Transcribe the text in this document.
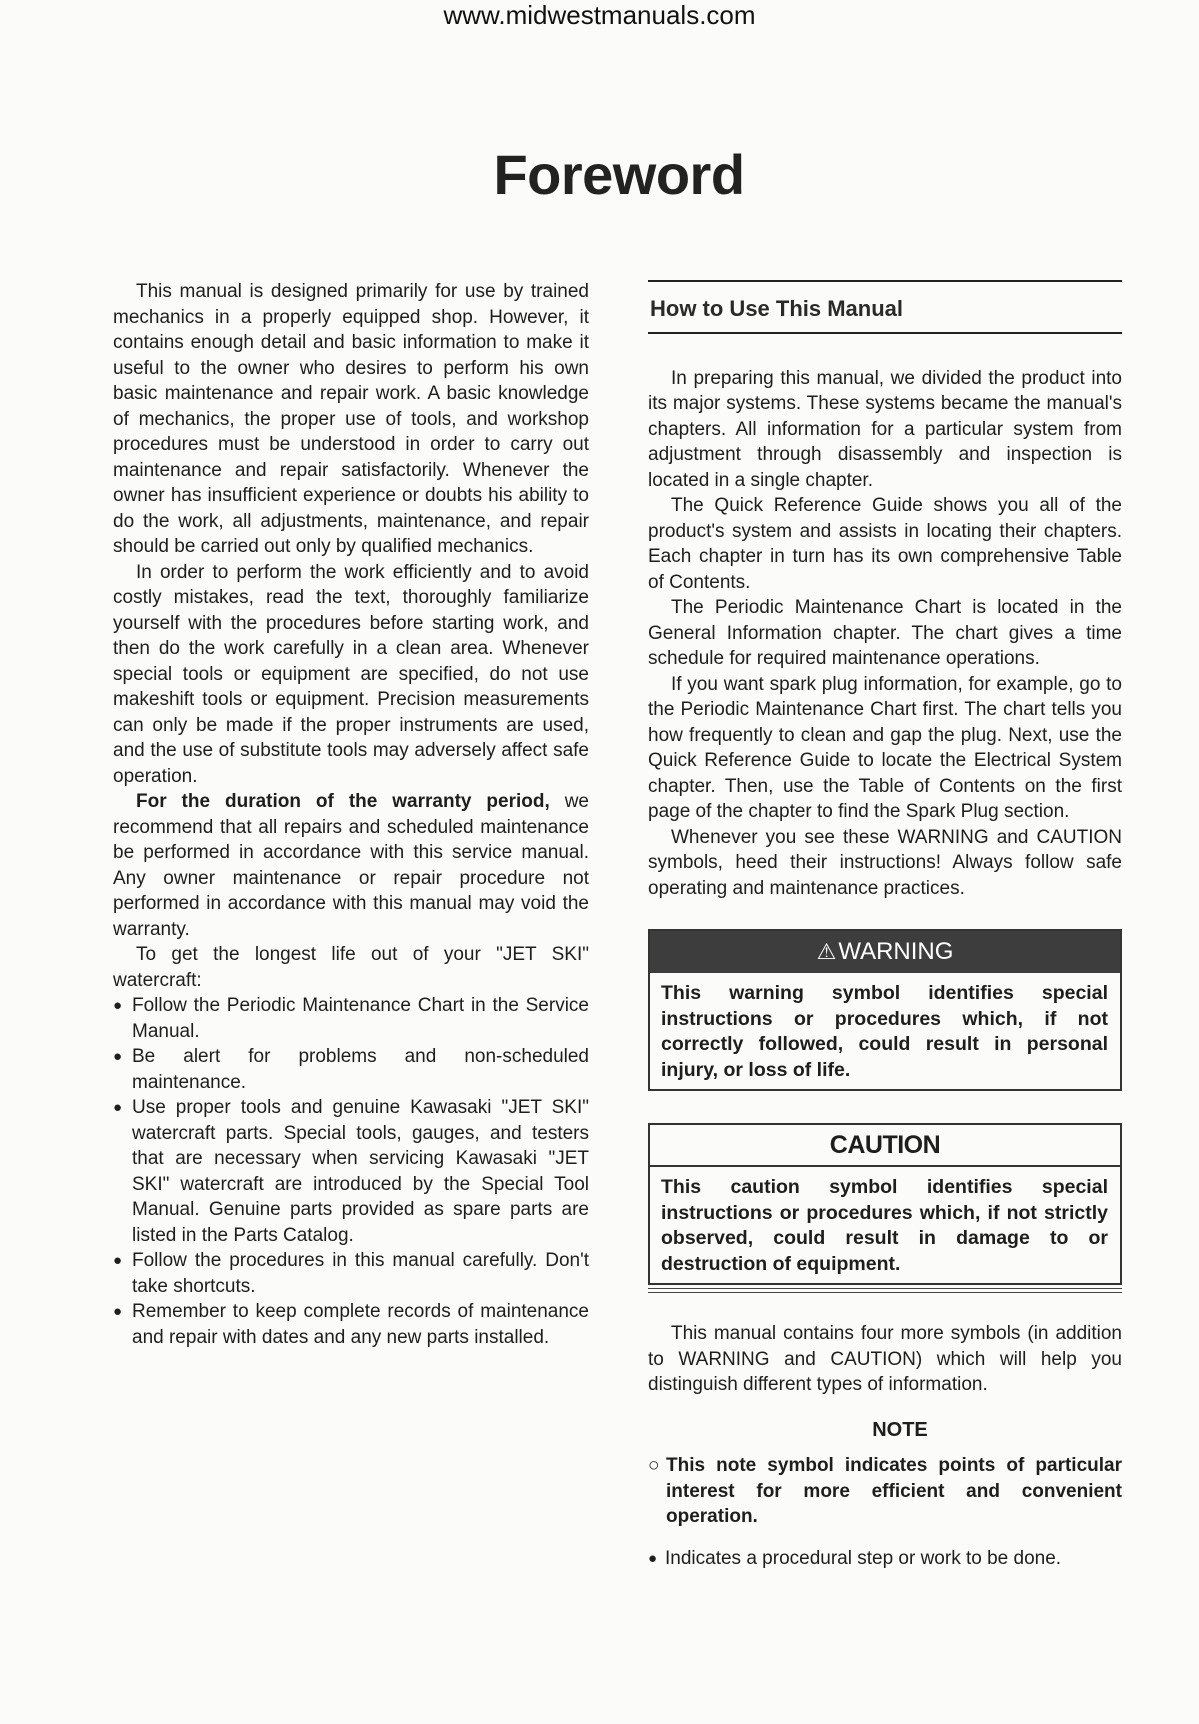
www.midwestmanuals.com
Foreword

This manual is designed primarily for use by trained mechanics in a properly equipped shop. However, it contains enough detail and basic information to make it useful to the owner who desires to perform his own basic maintenance and repair work. A basic knowledge of mechanics, the proper use of tools, and workshop procedures must be understood in order to carry out maintenance and repair satisfactorily. Whenever the owner has insufficient experience or doubts his ability to do the work, all adjustments, maintenance, and repair should be carried out only by qualified mechanics.

In order to perform the work efficiently and to avoid costly mistakes, read the text, thoroughly familiarize yourself with the procedures before starting work, and then do the work carefully in a clean area. Whenever special tools or equipment are specified, do not use makeshift tools or equipment. Precision measurements can only be made if the proper instruments are used, and the use of substitute tools may adversely affect safe operation.

For the duration of the warranty period, we recommend that all repairs and scheduled maintenance be performed in accordance with this service manual. Any owner maintenance or repair procedure not performed in accordance with this manual may void the warranty.

To get the longest life out of your "JET SKI" watercraft:

● Follow the Periodic Maintenance Chart in the Service Manual.
● Be alert for problems and non-scheduled maintenance.
● Use proper tools and genuine Kawasaki "JET SKI" watercraft parts. Special tools, gauges, and testers that are necessary when servicing Kawasaki "JET SKI" watercraft are introduced by the Special Tool Manual. Genuine parts provided as spare parts are listed in the Parts Catalog.
● Follow the procedures in this manual carefully. Don't take shortcuts.
● Remember to keep complete records of maintenance and repair with dates and any new parts installed.
How to Use This Manual

In preparing this manual, we divided the product into its major systems. These systems became the manual's chapters. All information for a particular system from adjustment through disassembly and inspection is located in a single chapter.

The Quick Reference Guide shows you all of the product's system and assists in locating their chapters. Each chapter in turn has its own comprehensive Table of Contents.

The Periodic Maintenance Chart is located in the General Information chapter. The chart gives a time schedule for required maintenance operations.

If you want spark plug information, for example, go to the Periodic Maintenance Chart first. The chart tells you how frequently to clean and gap the plug. Next, use the Quick Reference Guide to locate the Electrical System chapter. Then, use the Table of Contents on the first page of the chapter to find the Spark Plug section.

Whenever you see these WARNING and CAUTION symbols, heed their instructions! Always follow safe operating and maintenance practices.

⚠WARNING
This warning symbol identifies special instructions or procedures which, if not correctly followed, could result in personal injury, or loss of life.
CAUTION
This caution symbol identifies special instructions or procedures which, if not strictly observed, could result in damage to or destruction of equipment.

This manual contains four more symbols (in addition to WARNING and CAUTION) which will help you distinguish different types of information.

NOTE
○ This note symbol indicates points of particular interest for more efficient and convenient operation.
● Indicates a procedural step or work to be done.
